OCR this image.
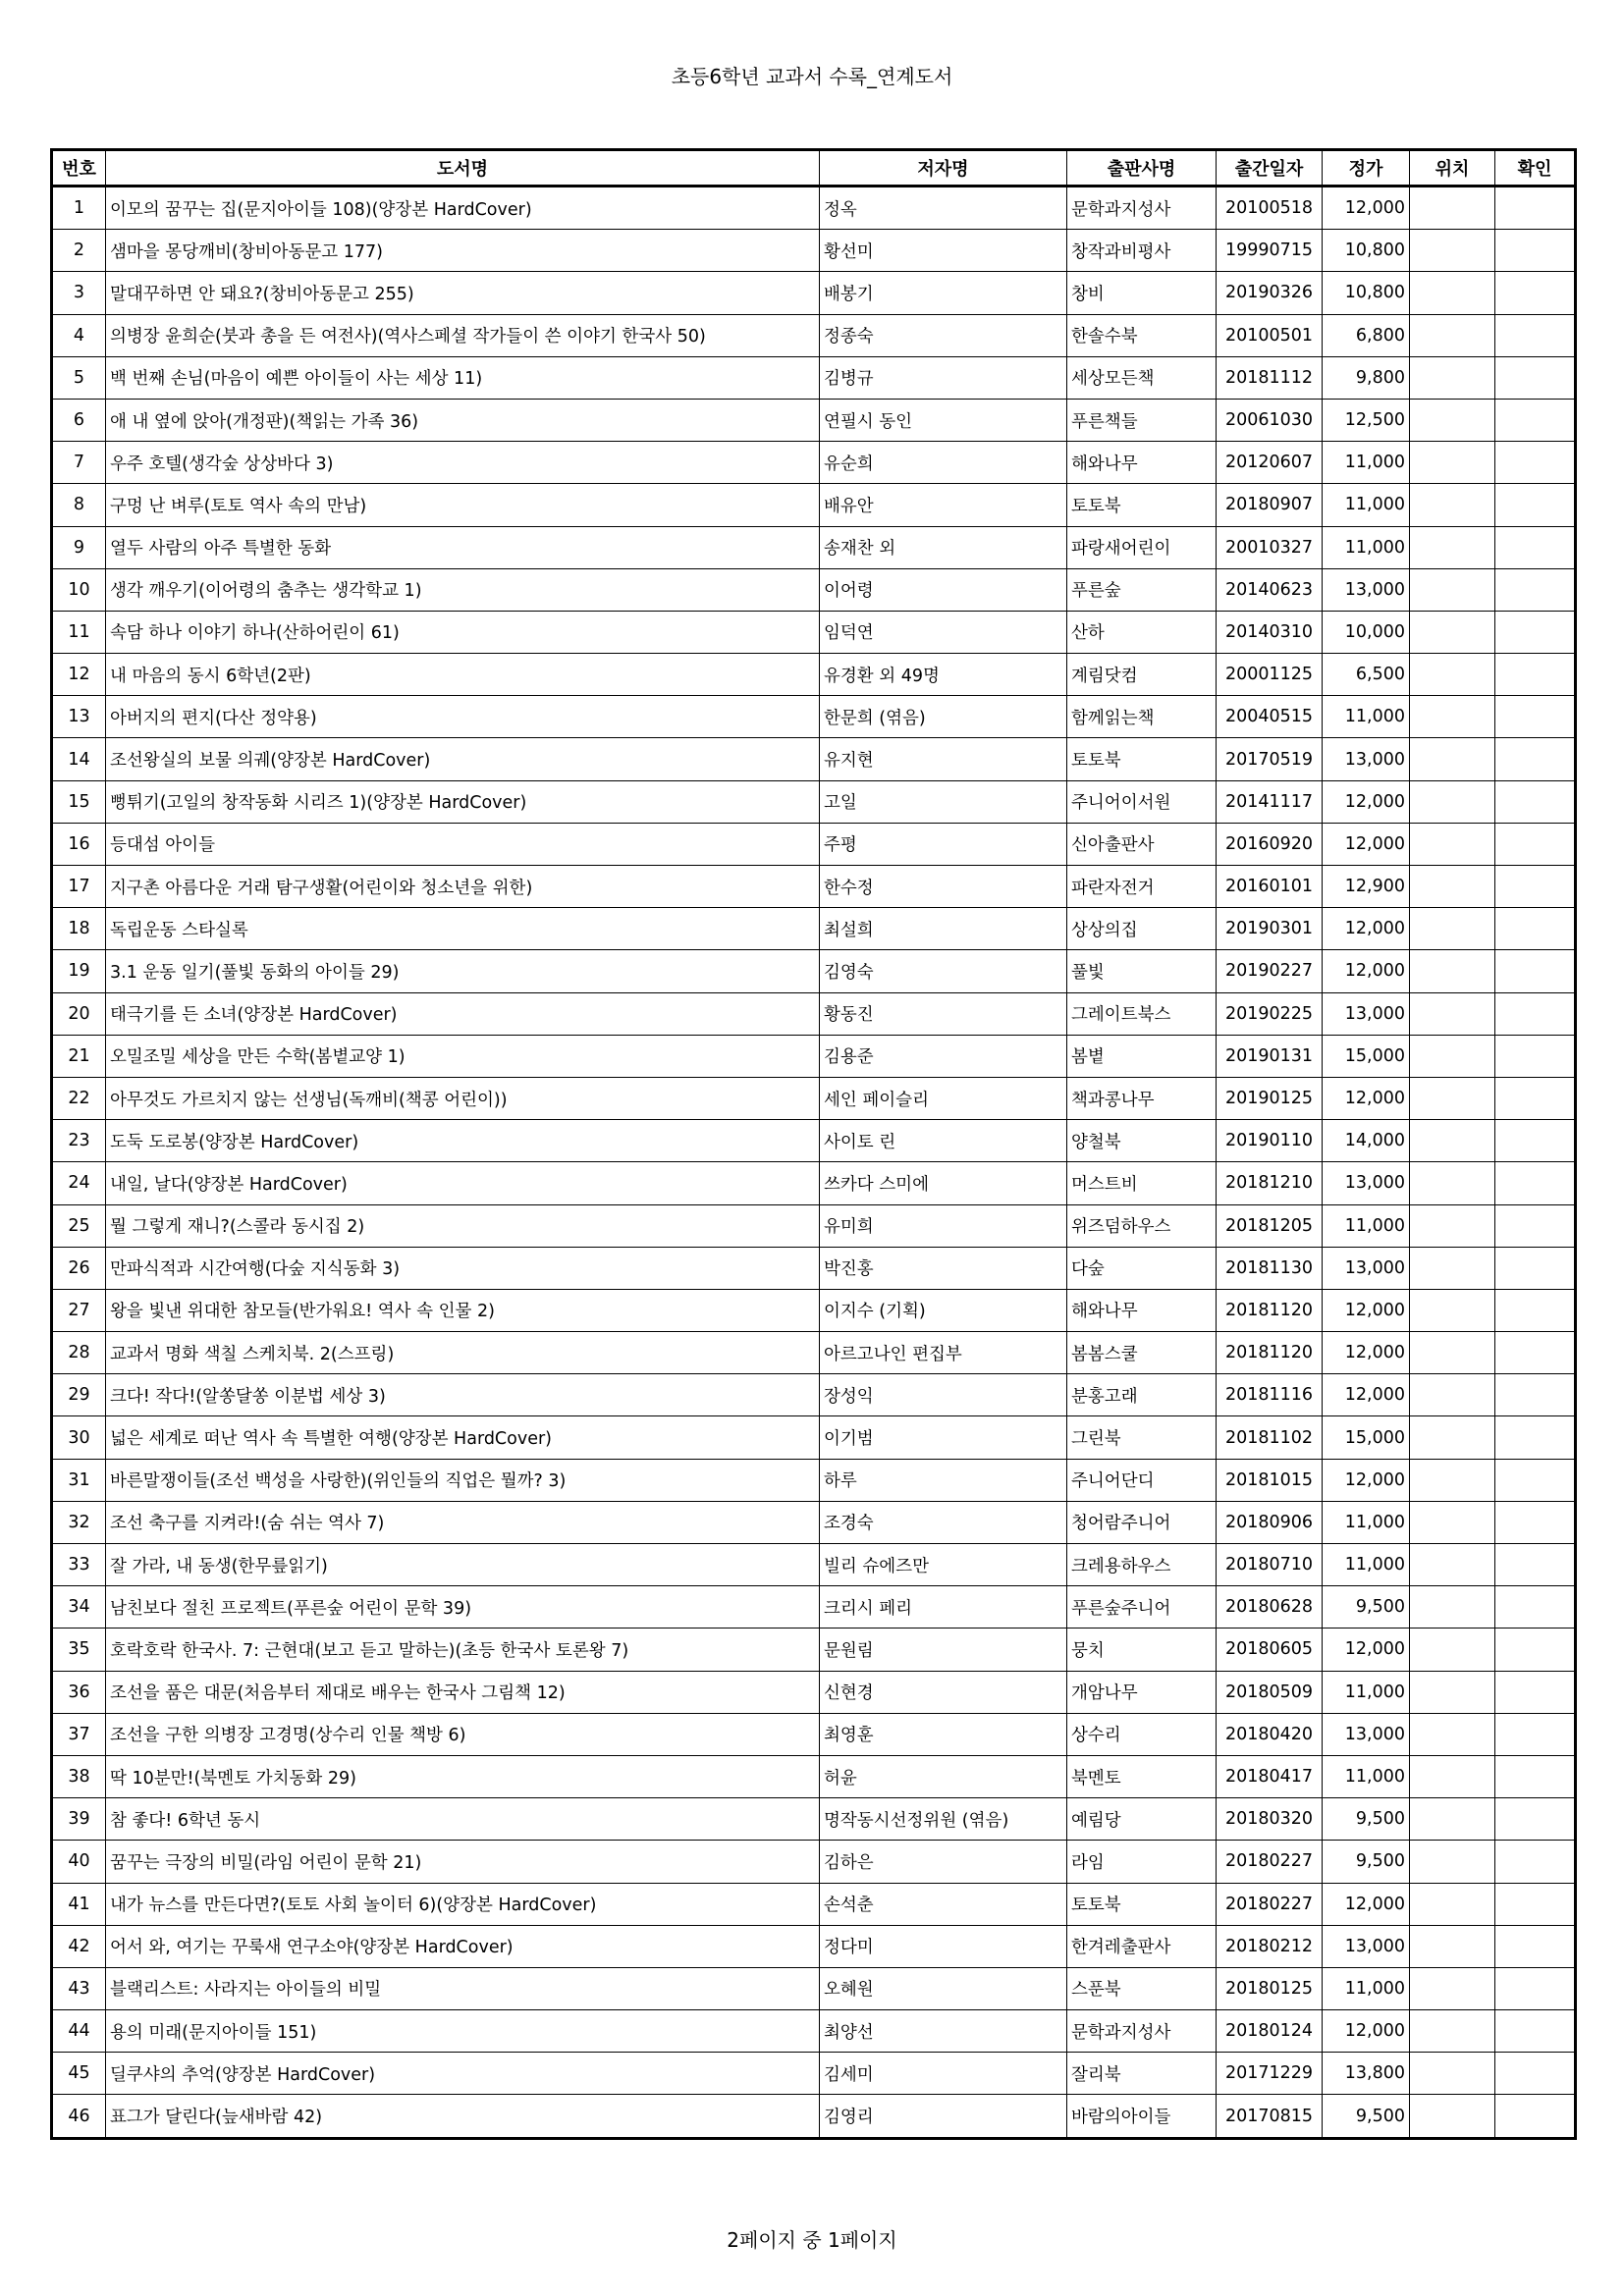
초등6학년 교과서 수록_연계도서
번호	도서명	저자명	출판사명	출간일자	정가	위치	확인
1	이모의 꿈꾸는 집(문지아이들 108)(양장본 HardCover)	정옥	문학과지성사	20100518	12,000		
2	샘마을 몽당깨비(창비아동문고 177)	황선미	창작과비평사	19990715	10,800		
3	말대꾸하면 안 돼요?(창비아동문고 255)	배봉기	창비	20190326	10,800		
4	의병장 윤희순(붓과 총을 든 여전사)(역사스페셜 작가들이 쓴 이야기 한국사 50)	정종숙	한솔수북	20100501	6,800		
5	백 번째 손님(마음이 예쁜 아이들이 사는 세상 11)	김병규	세상모든책	20181112	9,800		
6	애 내 옆에 앉아(개정판)(책읽는 가족 36)	연필시 동인	푸른책들	20061030	12,500		
7	우주 호텔(생각숲 상상바다 3)	유순희	해와나무	20120607	11,000		
8	구멍 난 벼루(토토 역사 속의 만남)	배유안	토토북	20180907	11,000		
9	열두 사람의 아주 특별한 동화	송재찬 외	파랑새어린이	20010327	11,000		
10	생각 깨우기(이어령의 춤추는 생각학교 1)	이어령	푸른숲	20140623	13,000		
11	속담 하나 이야기 하나(산하어린이 61)	임덕연	산하	20140310	10,000		
12	내 마음의 동시 6학년(2판)	유경환 외 49명	계림닷컴	20001125	6,500		
13	아버지의 편지(다산 정약용)	한문희 (엮음)	함께읽는책	20040515	11,000		
14	조선왕실의 보물 의궤(양장본 HardCover)	유지현	토토북	20170519	13,000		
15	뻥튀기(고일의 창작동화 시리즈 1)(양장본 HardCover)	고일	주니어이서원	20141117	12,000		
16	등대섬 아이들	주평	신아출판사	20160920	12,000		
17	지구촌 아름다운 거래 탐구생활(어린이와 청소년을 위한)	한수정	파란자전거	20160101	12,900		
18	독립운동 스타실록	최설희	상상의집	20190301	12,000		
19	3.1 운동 일기(풀빛 동화의 아이들 29)	김영숙	풀빛	20190227	12,000		
20	태극기를 든 소녀(양장본 HardCover)	황동진	그레이트북스	20190225	13,000		
21	오밀조밀 세상을 만든 수학(봄볕교양 1)	김용준	봄볕	20190131	15,000		
22	아무것도 가르치지 않는 선생님(독깨비(책콩 어린이))	세인 페이슬리	책과콩나무	20190125	12,000		
23	도둑 도로봉(양장본 HardCover)	사이토 린	양철북	20190110	14,000		
24	내일, 날다(양장본 HardCover)	쓰카다 스미에	머스트비	20181210	13,000		
25	뭘 그렇게 재니?(스콜라 동시집 2)	유미희	위즈덤하우스	20181205	11,000		
26	만파식적과 시간여행(다숲 지식동화 3)	박진홍	다숲	20181130	13,000		
27	왕을 빛낸 위대한 참모들(반가워요! 역사 속 인물 2)	이지수 (기획)	해와나무	20181120	12,000		
28	교과서 명화 색칠 스케치북. 2(스프링)	아르고나인 편집부	봄봄스쿨	20181120	12,000		
29	크다! 작다!(알쏭달쏭 이분법 세상 3)	장성익	분홍고래	20181116	12,000		
30	넓은 세계로 떠난 역사 속 특별한 여행(양장본 HardCover)	이기범	그린북	20181102	15,000		
31	바른말쟁이들(조선 백성을 사랑한)(위인들의 직업은 뭘까? 3)	하루	주니어단디	20181015	12,000		
32	조선 축구를 지켜라!(숨 쉬는 역사 7)	조경숙	청어람주니어	20180906	11,000		
33	잘 가라, 내 동생(한무릎읽기)	빌리 슈에즈만	크레용하우스	20180710	11,000		
34	남친보다 절친 프로젝트(푸른숲 어린이 문학 39)	크리시 페리	푸른숲주니어	20180628	9,500		
35	호락호락 한국사. 7: 근현대(보고 듣고 말하는)(초등 한국사 토론왕 7)	문원림	뭉치	20180605	12,000		
36	조선을 품은 대문(처음부터 제대로 배우는 한국사 그림책 12)	신현경	개암나무	20180509	11,000		
37	조선을 구한 의병장 고경명(상수리 인물 책방 6)	최영훈	상수리	20180420	13,000		
38	딱 10분만!(북멘토 가치동화 29)	허윤	북멘토	20180417	11,000		
39	참 좋다! 6학년 동시	명작동시선정위원 (엮음)	예림당	20180320	9,500		
40	꿈꾸는 극장의 비밀(라임 어린이 문학 21)	김하은	라임	20180227	9,500		
41	내가 뉴스를 만든다면?(토토 사회 놀이터 6)(양장본 HardCover)	손석춘	토토북	20180227	12,000		
42	어서 와, 여기는 꾸룩새 연구소야(양장본 HardCover)	정다미	한겨레출판사	20180212	13,000		
43	블랙리스트: 사라지는 아이들의 비밀	오혜원	스푼북	20180125	11,000		
44	용의 미래(문지아이들 151)	최양선	문학과지성사	20180124	12,000		
45	딜쿠샤의 추억(양장본 HardCover)	김세미	잘리북	20171229	13,800		
46	표그가 달린다(늪새바람 42)	김영리	바람의아이들	20170815	9,500		
2페이지 중 1페이지
